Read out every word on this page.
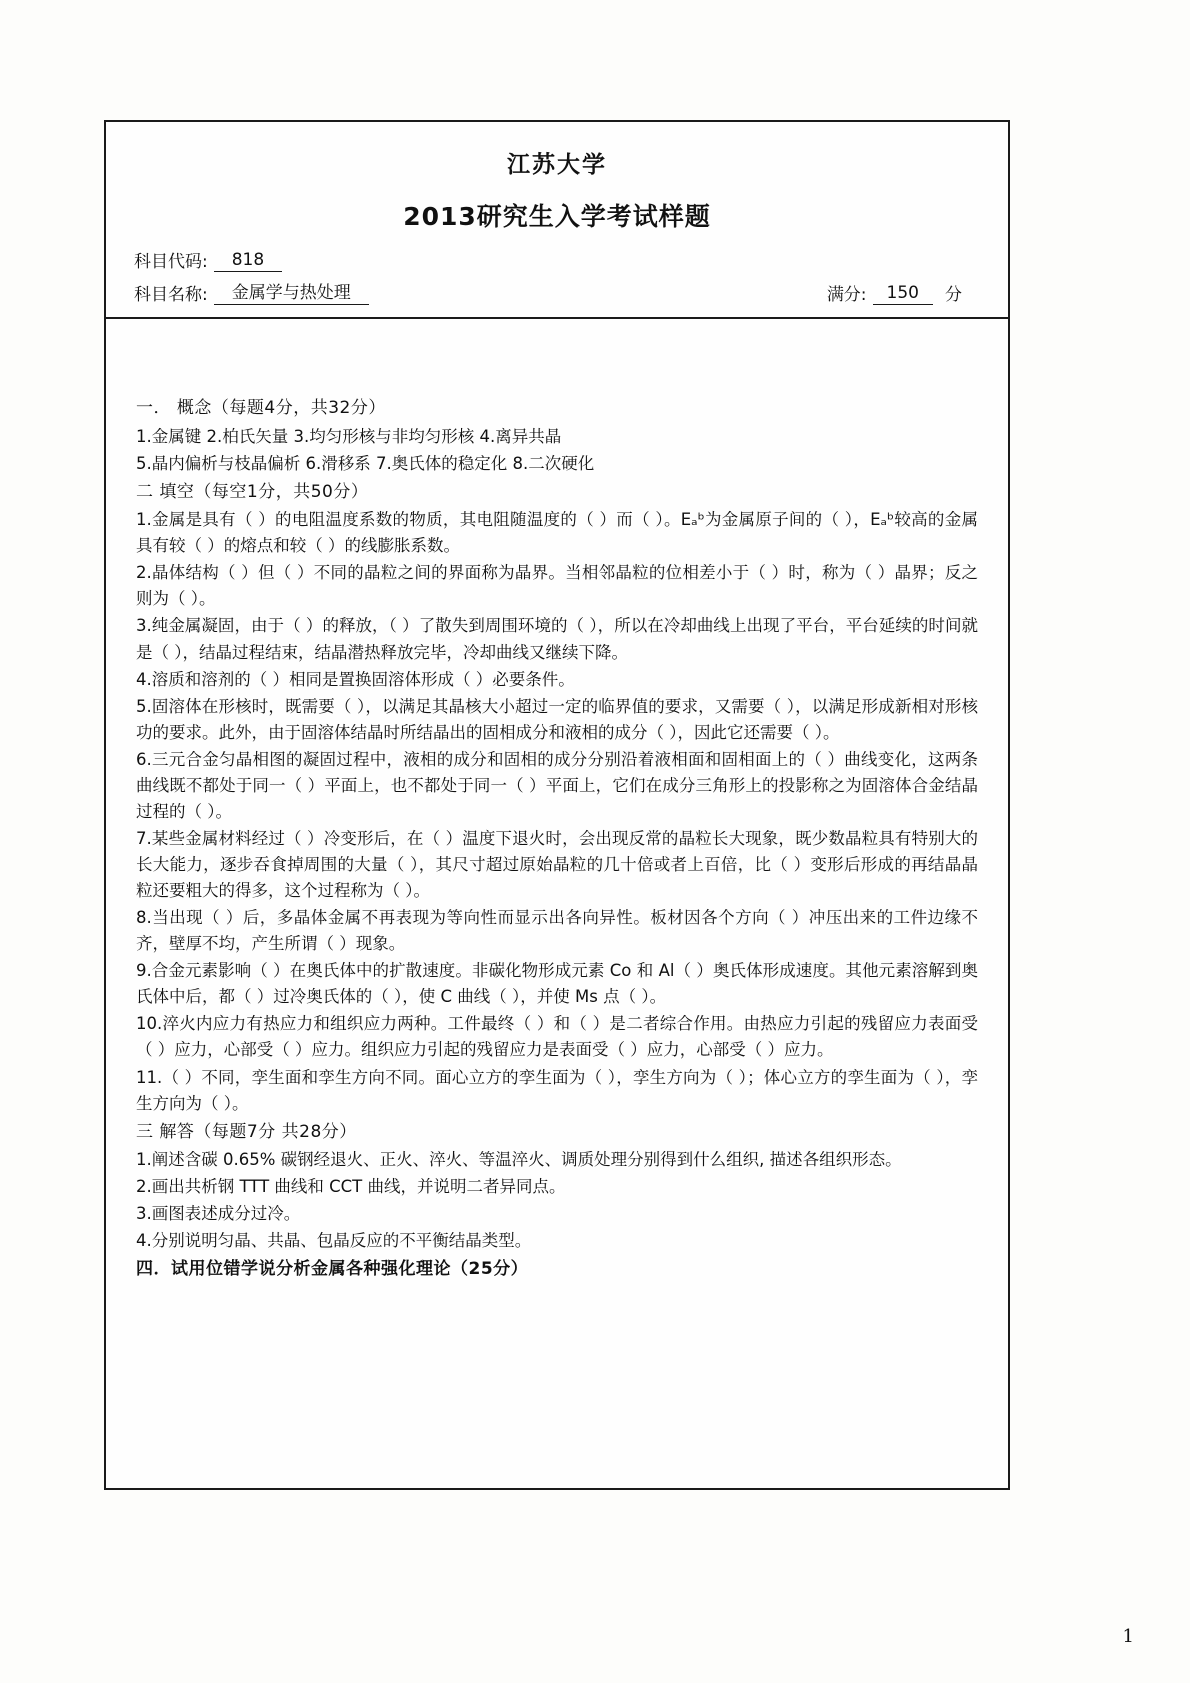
江苏大学
2013研究生入学考试样题
科目代码:	818
科目名称:	金属学与热处理	满分:	150	分
一． 概念（每题4分，共32分）

1.金属键 2.柏氏矢量 3.均匀形核与非均匀形核 4.离异共晶

5.晶内偏析与枝晶偏析 6.滑移系 7.奥氏体的稳定化 8.二次硬化

二 填空（每空1分，共50分）

1.金属是具有（ ）的电阻温度系数的物质，其电阻随温度的（ ）而（ ）。Eₐᵇ为金属原子间的（ ），Eₐᵇ较高的金属具有较（ ）的熔点和较（ ）的线膨胀系数。

2.晶体结构（ ）但（ ）不同的晶粒之间的界面称为晶界。当相邻晶粒的位相差小于（ ）时，称为（ ）晶界；反之则为（ ）。

3.纯金属凝固，由于（ ）的释放，（ ）了散失到周围环境的（ ），所以在冷却曲线上出现了平台，平台延续的时间就是（ ），结晶过程结束，结晶潜热释放完毕，冷却曲线又继续下降。

4.溶质和溶剂的（ ）相同是置换固溶体形成（ ）必要条件。

5.固溶体在形核时，既需要（ ），以满足其晶核大小超过一定的临界值的要求，又需要（ ），以满足形成新相对形核功的要求。此外，由于固溶体结晶时所结晶出的固相成分和液相的成分（ ），因此它还需要（ ）。

6.三元合金匀晶相图的凝固过程中，液相的成分和固相的成分分别沿着液相面和固相面上的（ ）曲线变化，这两条曲线既不都处于同一（ ）平面上，也不都处于同一（ ）平面上，它们在成分三角形上的投影称之为固溶体合金结晶过程的（ ）。

7.某些金属材料经过（ ）冷变形后，在（ ）温度下退火时，会出现反常的晶粒长大现象，既少数晶粒具有特别大的长大能力，逐步吞食掉周围的大量（ ），其尺寸超过原始晶粒的几十倍或者上百倍，比（ ）变形后形成的再结晶晶粒还要粗大的得多，这个过程称为（ ）。

8.当出现（ ）后，多晶体金属不再表现为等向性而显示出各向异性。板材因各个方向（ ）冲压出来的工件边缘不齐，壁厚不均，产生所谓（ ）现象。

9.合金元素影响（ ）在奥氏体中的扩散速度。非碳化物形成元素 Co 和 Al（ ）奥氏体形成速度。其他元素溶解到奥氏体中后，都（ ）过冷奥氏体的（ ），使 C 曲线（ ），并使 Ms 点（ ）。

10.淬火内应力有热应力和组织应力两种。工件最终（ ）和（ ）是二者综合作用。由热应力引起的残留应力表面受（ ）应力，心部受（ ）应力。组织应力引起的残留应力是表面受（ ）应力，心部受（ ）应力。

11.（ ）不同，孪生面和孪生方向不同。面心立方的孪生面为（ ），孪生方向为（ ）；体心立方的孪生面为（ ），孪生方向为（ ）。

三 解答（每题7分 共28分）

1.阐述含碳 0.65% 碳钢经退火、正火、淬火、等温淬火、调质处理分别得到什么组织, 描述各组织形态。

2.画出共析钢 TTT 曲线和 CCT 曲线，并说明二者异同点。

3.画图表述成分过冷。

4.分别说明匀晶、共晶、包晶反应的不平衡结晶类型。

四．试用位错学说分析金属各种强化理论（25分）
1
